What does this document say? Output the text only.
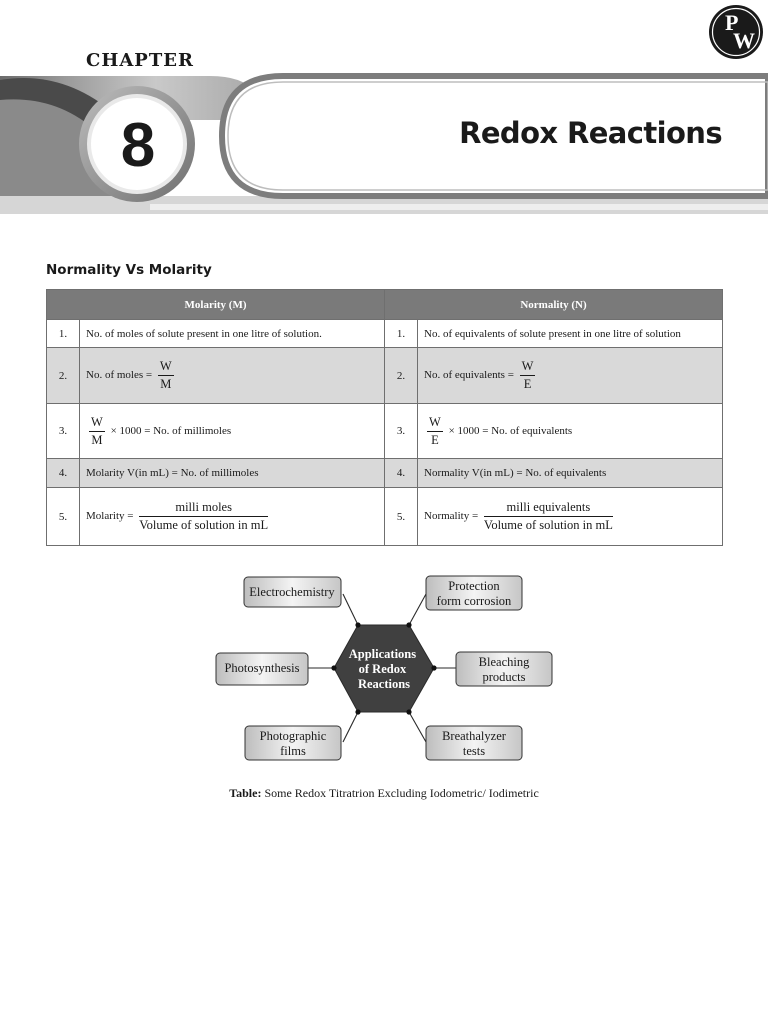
CHAPTER
8	Redox Reactions
P
W
Normality Vs Molarity
Molarity (M)		Normality (N)	
1.	No. of moles of solute present in one litre of solution.	1.	No. of equivalents of solute present in one litre of solution
2.	No. of moles = $\frac{W}{M}$	2.	No. of equivalents = $\frac{W}{E}$

3.	$\frac{W}{M} \times 1000 = No$. of millimoles	3.	$\frac{W}{E} \times 1000 = No$. of equivalents
4.	Molarity V(in mL) = No. of millimoles	4.	Normality V(in mL) = No. of equivalents
5.	Molarity = $\frac{\text{milli moles}}{\text{Volume of solution in mL}}$	5.	Normality = $\frac{\text{milli equivalents}}{\text{Volume of solution in mL}}$
Applications of Redox Reactions
Electrochemistry	Protection
form corrosion
Photosynthesis	Bleaching
products
Photographic
films
Breathalyzer
tests
Table: Some Redox Titratrion Excluding Iodometric/ Iodimetric
